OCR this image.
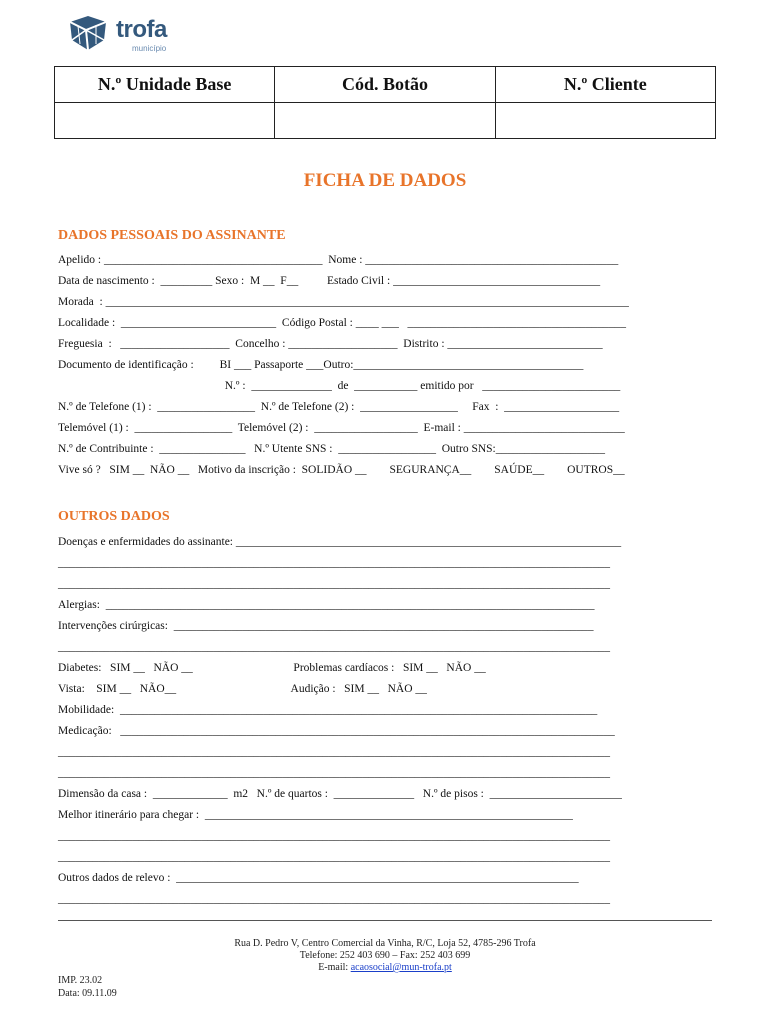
trofa
município
N.º Unidade Base	Cód. Botão	N.º Cliente

FICHA DE DADOS
DADOS PESSOAIS DO ASSINANTE
Apelido : ______________________________________  Nome : ____________________________________________
Data de nascimento :  _________ Sexo :  M __  F__          Estado Civil : ____________________________________
Morada  : ___________________________________________________________________________________________
Localidade :  ___________________________  Código Postal : ____ ___   ______________________________________
Freguesia  :   ___________________  Concelho : ___________________  Distrito : ___________________________
Documento de identificação :         BI ___ Passaporte ___Outro:________________________________________
N.º :  ______________  de  ___________ emitido por   ________________________
N.º de Telefone (1) :  _________________  N.º de Telefone (2) :  _________________     Fax  :  ____________________
Telemóvel (1) :  _________________  Telemóvel (2) :  __________________  E-mail : ____________________________
N.º de Contribuinte :  _______________   N.º Utente SNS :  _________________  Outro SNS:___________________
Vive só ?   SIM __  NÃO __   Motivo da inscrição :  SOLIDÃO __        SEGURANÇA__        SAÚDE__        OUTROS__
OUTROS DADOS
Doenças e enfermidades do assinante: ___________________________________________________________________
________________________________________________________________________________________________
________________________________________________________________________________________________
Alergias:  _____________________________________________________________________________________
Intervenções cirúrgicas:  _________________________________________________________________________
________________________________________________________________________________________________
Diabetes:   SIM __   NÃO __                                   Problemas cardíacos :   SIM __   NÃO __
Vista:    SIM __   NÃO__                                        Audição :   SIM __   NÃO __
Mobilidade:  ___________________________________________________________________________________
Medicação:   ______________________________________________________________________________________
________________________________________________________________________________________________
________________________________________________________________________________________________
Dimensão da casa :  _____________  m2   N.º de quartos :  ______________   N.º de pisos :  _______________________
Melhor itinerário para chegar :  ________________________________________________________________
________________________________________________________________________________________________
________________________________________________________________________________________________
Outros dados de relevo :  ______________________________________________________________________
________________________________________________________________________________________________
Rua D. Pedro V, Centro Comercial da Vinha, R/C, Loja 52, 4785-296 Trofa
Telefone: 252 403 690 – Fax: 252 403 699
E-mail: acaosocial@mun-trofa.pt
IMP. 23.02
Data: 09.11.09
